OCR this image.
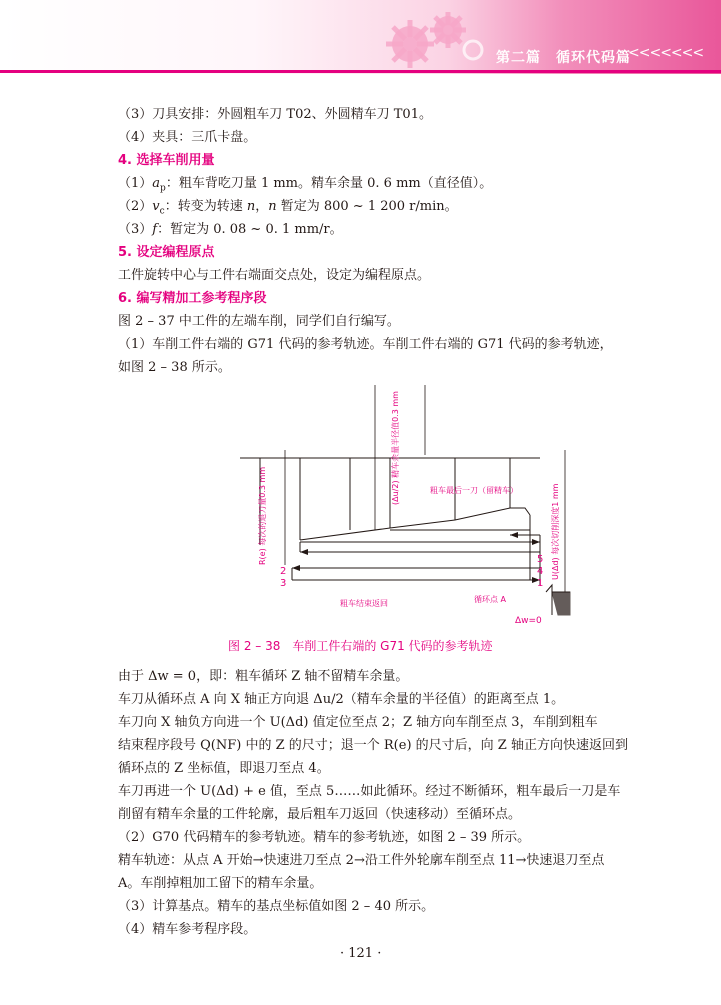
第二篇　循环代码篇
<<<<<<<
（3）刀具安排：外圆粗车刀 T02、外圆精车刀 T01。
（4）夹具：三爪卡盘。
4. 选择车削用量
$(1)a_p$：粗车背吃刀量 1 mm。精车余量 0. 6 mm（直径值）。
$(2)v_c$：转变为转速 n，n 暂定为 800 ~ 1 200 r/min。
（3）f：暂定为 0. 08 ~ 0. 1 mm/r。
5. 设定编程原点
工件旋转中心与工件右端面交点处，设定为编程原点。
6. 编写精加工参考程序段
图 2 – 37 中工件的左端车削，同学们自行编写。
（1）车削工件右端的 G71 代码的参考轨迹。车削工件右端的 G71 代码的参考轨迹，
如图 2 – 38 所示。
5
4
2
3	1
粗车最后一刀（留精车）
粗车结束返回	循环点 A
Δw=0
R(e) 每次的退刀量0.3 mm
(Δu/2) 精车余量半径值0.3 mm
U(Δd) 每次切削深度1 mm
图 2 – 38　车削工件右端的 G71 代码的参考轨迹
由于 Δw = 0，即：粗车循环 Z 轴不留精车余量。
车刀从循环点 A 向 X 轴正方向退 Δu/2（精车余量的半径值）的距离至点 1。
车刀向 X 轴负方向进一个 U(Δd) 值定位至点 2；Z 轴方向车削至点 3，车削到粗车
结束程序段号 Q(NF) 中的 Z 的尺寸；退一个 R(e) 的尺寸后，向 Z 轴正方向快速返回到
循环点的 Z 坐标值，即退刀至点 4。
车刀再进一个 U(Δd) + e 值，至点 5……如此循环。经过不断循环，粗车最后一刀是车
削留有精车余量的工件轮廓，最后粗车刀返回（快速移动）至循环点。
（2）G70 代码精车的参考轨迹。精车的参考轨迹，如图 2 – 39 所示。
精车轨迹：从点 A 开始→快速进刀至点 2→沿工件外轮廓车削至点 11→快速退刀至点
A。车削掉粗加工留下的精车余量。
（3）计算基点。精车的基点坐标值如图 2 – 40 所示。
（4）精车参考程序段。
· 121 ·
